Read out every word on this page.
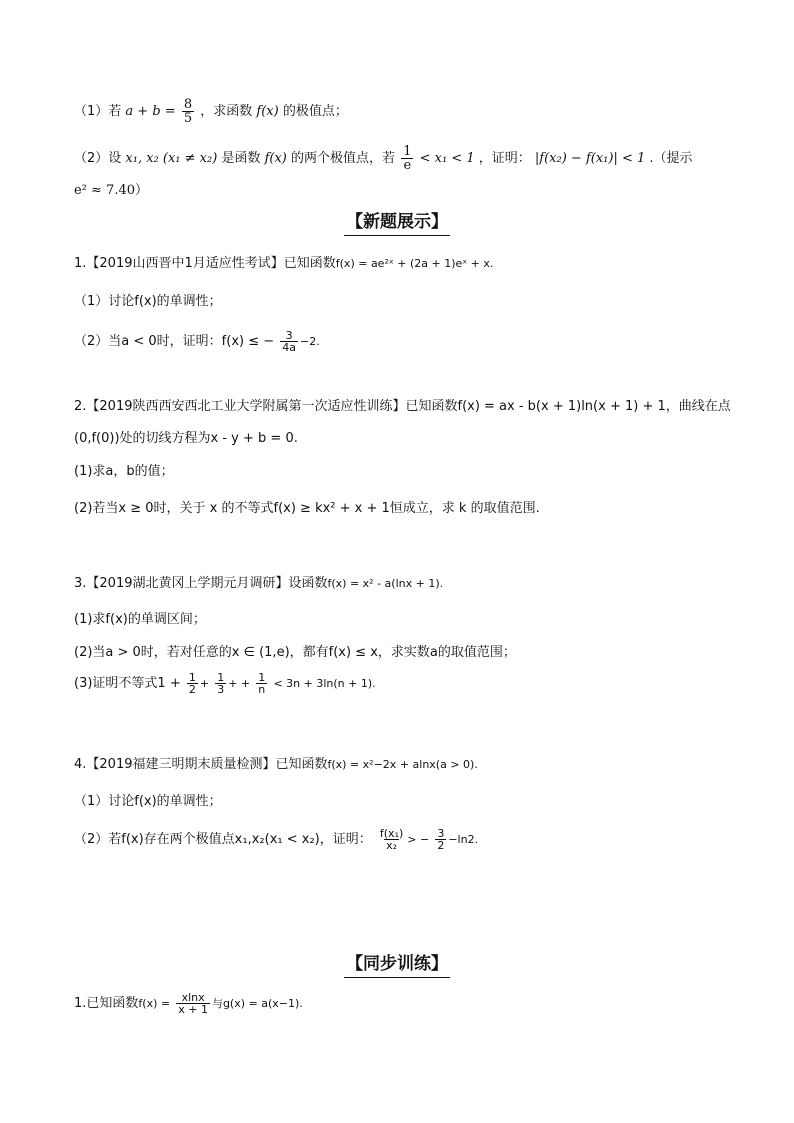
（1）若 $a + b = \frac{8}{5}$ ，求函数 f(x) 的极值点；
（2）设 x₁, x₂ (x₁ ≠ x₂) 是函数 f(x) 的两个极值点，若 $\frac{1}{e} < x_1 < 1$ ，证明： |f(x₂) − f(x₁)| < 1 .（提示
e² ≈ 7.40）
【新题展示】
1.【2019山西晋中1月适应性考试】已知函数f(x) = ae²ˣ + (2a + 1)eˣ + x.
（1）讨论f(x)的单调性；
（2）当a < 0时，证明：f(x) ≤ − $\frac{3}{4a} -2$.
2.【2019陕西西安西北工业大学附属第一次适应性训练】已知函数f(x) = ax - b(x + 1)ln(x + 1) + 1，曲线在点
(0,f(0))处的切线方程为x - y + b = 0.
(1)求a，b的值；
(2)若当x ≥ 0时，关于 x 的不等式f(x) ≥ kx² + x + 1恒成立，求 k 的取值范围.
3.【2019湖北黄冈上学期元月调研】设函数f(x) = x² - a(lnx + 1).
(1)求f(x)的单调区间；
(2)当a > 0时，若对任意的x ∈ (1,e)，都有f(x) ≤ x，求实数a的取值范围；
(3)证明不等式$1 + \frac{1}{2} + \frac{1}{3}$ + + $\frac{1}{n} < 3n + 3\ln(n + 1)$.
4.【2019福建三明期末质量检测】已知函数f(x) = x²−2x + alnx(a > 0).
（1）讨论f(x)的单调性；
（2）若f(x)存在两个极值点x₁,x₂(x₁ < x₂)，证明： $\frac{\text{f(x₁)}}{\text{x₂}}$ > − $\frac{3}{2} -\ln 2$.
【同步训练】
1.已知函数$f(x) = \frac{xlnx}{x + 1}$ 与g(x) = a(x−1).
